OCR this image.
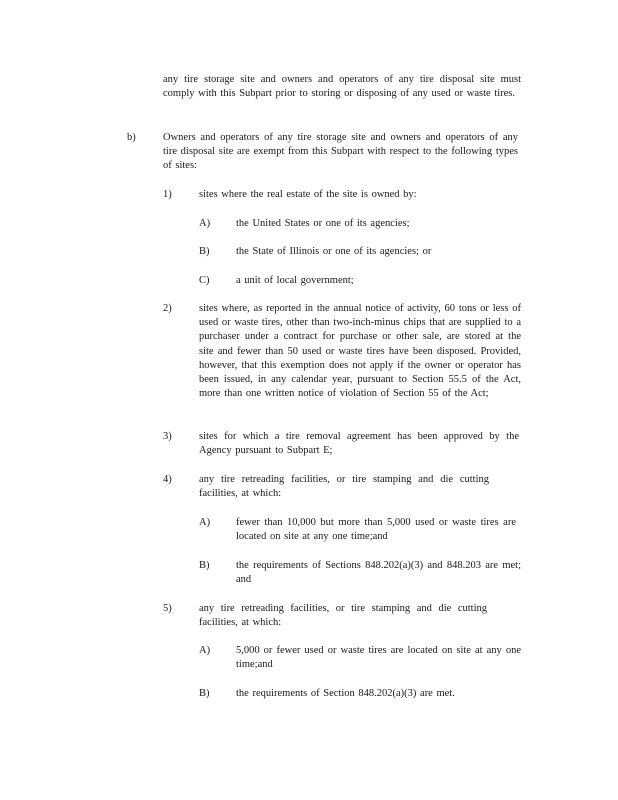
any tire storage site and owners and operators of any tire disposal site must comply with this Subpart prior to storing or disposing of any used or waste tires.
b)	Owners and operators of any tire storage site and owners and operators of any tire disposal site are exempt from this Subpart with respect to the following types of sites:
1)	sites where the real estate of the site is owned by:
A) the United States or one of its agencies;
B)	the State of Illinois or one of its agencies; or
C)	a unit of local government;
2)	sites where, as reported in the annual notice of activity, 60 tons or less of used or waste tires, other than two-inch-minus chips that are supplied to a purchaser under a contract for purchase or other sale, are stored at the site and fewer than 50 used or waste tires have been disposed. Provided, however, that this exemption does not apply if the owner or operator has been issued, in any calendar year, pursuant to Section 55.5 of the Act, more than one written notice of violation of Section 55 of the Act;
3)	sites for which a tire removal agreement has been approved by the Agency pursuant to Subpart E;
4)	any tire retreading facilities, or tire stamping and die cutting facilities, at which:
A) fewer than 10,000 but more than 5,000 used or waste tires are located on site at any one time;and
B)	the requirements of Sections 848.202(a)(3) and 848.203 are met; and
5)	any tire retreading facilities, or tire stamping and die cutting facilities, at which:
A) 5,000 or fewer used or waste tires are located on site at any one time;and
B)	the requirements of Section 848.202(a)(3) are met.
